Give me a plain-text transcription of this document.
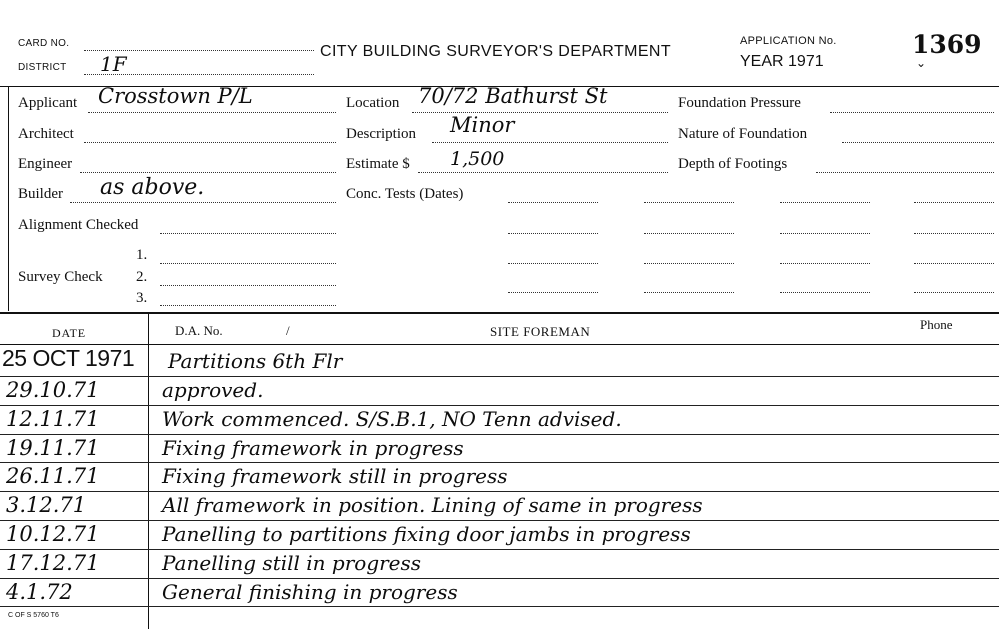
CARD NO.
DISTRICT 1F
CITY BUILDING SURVEYOR'S DEPARTMENT
APPLICATION No.
YEAR 1971
1369
⌄
Applicant Crosstown P/L
Architect
Engineer
Builder as above.
Alignment Checked
Survey Check
1.
2.
3.
Location 70/72 Bathurst St
Description Minor
Estimate $ 1,500
Conc. Tests (Dates)
Foundation Pressure
Nature of Foundation
Depth of Footings
DATE	D.A. No.	/	SITE FOREMAN	Phone
25 OCT 1971 Partitions 6th Flr
29.10.71	approved.
12.11.71	Work commenced. S/S.B.1, NO Tenn advised.
19.11.71	Fixing framework in progress
26.11.71	Fixing framework still in progress
3.12.71	All framework in position. Lining of same in progress
10.12.71	Panelling to partitions fixing door jambs in progress
17.12.71	Panelling still in progress
4.1.72	General finishing in progress
C OF S 5760 T6
